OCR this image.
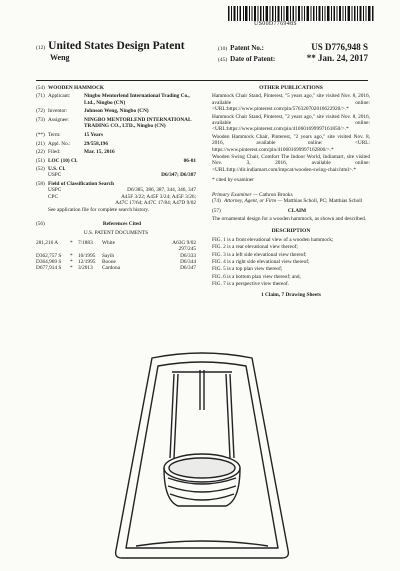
US00D776948S
(12) United States Design Patent
Weng
(10) Patent No.:	US D776,948 S
(45) Date of Patent:	** Jan. 24, 2017
(54) WOODEN HAMMOCK
(71) Applicant:	Ningbo Mentorlend International Trading Co., Ltd., Ningbo (CN)
(72) Inventor:	Johnson Weng, Ningbo (CN)
(73) Assignee:	NINGBO MENTORLEND INTERNATIONAL TRADING CO., LTD., Ningbo (CN)
(**) Term:	15 Years
(21) Appl. No.:	29/558,196
(22) Filed:	Mar. 15, 2016
(51) LOC (10) Cl.	06-01
(52) U.S. Cl.
USPC	D6/347; D6/387
(58) Field of Classification Search
USPC	D6/385, 386, 387, 344, 346, 347
CPC	A45F 3/22; A45F 3/24; A45F 3/26;
A47C 17/64; A47C 17/84; A47D 9/02
See application file for complete search history.
(56)	References Cited
U.S. PATENT DOCUMENTS
281,216 A	*	7/1883	White	A63G 9/02
297/245
D362,757 S	*	10/1995	Sayih	D6/333
D364,969 S	*	12/1995	Boone	D6/344
D677,914 S	*	3/2013	Cardona	D6/347
OTHER PUBLICATIONS
Hammock Chair Stand, Pinterest, "5 years ago," site visited Nov. 8, 2016, available online: <URL:https://www.pinterest.com/pin/576320702016622920/>.*
Hammock Chair Stand, Pinterest, "2 years ago," site visited Nov. 8, 2016, available online: <URL:https://www.pinterest.com/pin/410601699997161850/>.*
Wooden Hammock Chair, Pinterest, "2 years ago," site visited Nov. 8, 2016, available online: <URL: https://www.pinterest.com/pin/410601699997162800/>.*
Wooden Swing Chair, Comfort The Indoor World, Indiamart, site visited Nov. 3, 2016, available online: <URL:http://dir.indiamart.com/impcat/wooden-swing-chair.html>.*
* cited by examiner
Primary Examiner — Cathron Brooks
(74) Attorney, Agent, or Firm — Matthias Scholl, PC; Matthias Scholl
(57)	CLAIM
The ornamental design for a wooden hammock, as shown and described.
DESCRIPTION
FIG. 1 is a front elevational view of a wooden hammock;
FIG. 2 is a rear elevational view thereof;
FIG. 3 is a left side elevational view thereof;
FIG. 4 is a right side elevational view thereof;
FIG. 5 is a top plan view thereof;
FIG. 6 is a bottom plan view thereof; and,
FIG. 7 is a perspective view thereof.
1 Claim, 7 Drawing Sheets
